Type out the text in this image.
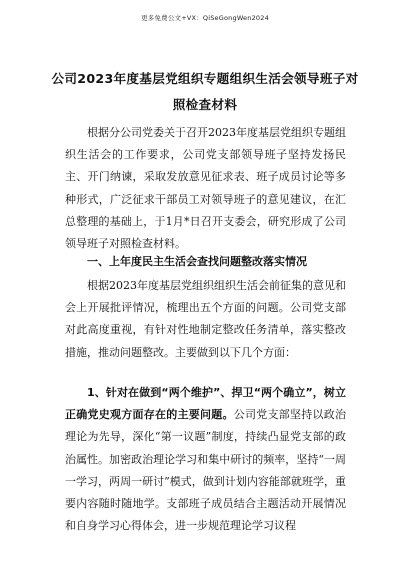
更多免费公文+VX：QiSeGongWen2024
公司2023年度基层党组织专题组织生活会领导班子对照检查材料
根据分公司党委关于召开2023年度基层党组织专题组织生活会的工作要求，公司党支部领导班子坚持发扬民主、开门纳谏，采取发放意见征求表、班子成员讨论等多种形式，广泛征求干部员工对领导班子的意见建议，在汇总整理的基础上，于1月*日召开支委会，研究形成了公司领导班子对照检查材料。
一、上年度民主生活会查找问题整改落实情况
根据2023年度基层党组织组织生活会前征集的意见和会上开展批评情况，梳理出五个方面的问题。公司党支部对此高度重视，有针对性地制定整改任务清单，落实整改措施，推动问题整改。主要做到以下几个方面：
1、针对在做到“两个维护”、捍卫“两个确立”，树立正确党史观方面存在的主要问题。公司党支部坚持以政治理论为先导，深化“第一议题”制度，持续凸显党支部的政治属性。加密政治理论学习和集中研讨的频率，坚持“一周一学习，两周一研讨”模式，做到计划内容能部就班学，重要内容随时随地学。支部班子成员结合主题活动开展情况和自身学习心得体会，进一步规范理论学习议程
